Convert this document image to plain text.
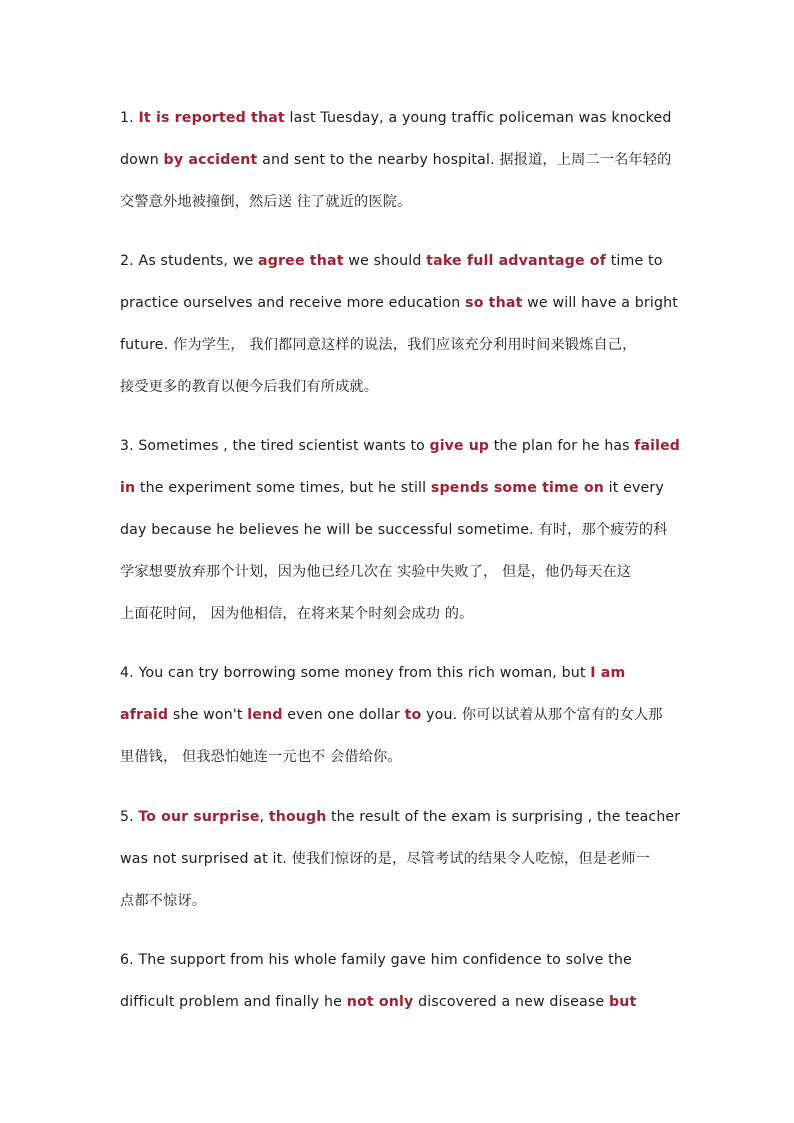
1. It is reported that last Tuesday, a young traffic policeman was knocked
down by accident and sent to the nearby hospital. 据报道，上周二一名年轻的
交警意外地被撞倒，然后送 往了就近的医院。
2. As students, we agree that we should take full advantage of time to
practice ourselves and receive more education so that we will have a bright
future. 作为学生， 我们都同意这样的说法，我们应该充分利用时间来锻炼自己，
接受更多的教育以便今后我们有所成就。
3. Sometimes , the tired scientist wants to give up the plan for he has failed
in the experiment some times, but he still spends some time on it every
day because he believes he will be successful sometime. 有时，那个疲劳的科
学家想要放弃那个计划，因为他已经几次在 实验中失败了， 但是，他仍每天在这
上面花时间， 因为他相信，在将来某个时刻会成功 的。
4. You can try borrowing some money from this rich woman, but I am
afraid she won't lend even one dollar to you. 你可以试着从那个富有的女人那
里借钱， 但我恐怕她连一元也不 会借给你。
5. To our surprise, though the result of the exam is surprising , the teacher
was not surprised at it. 使我们惊讶的是，尽管考试的结果令人吃惊，但是老师一
点都不惊讶。
6. The support from his whole family gave him confidence to solve the
difficult problem and finally he not only discovered a new disease but
